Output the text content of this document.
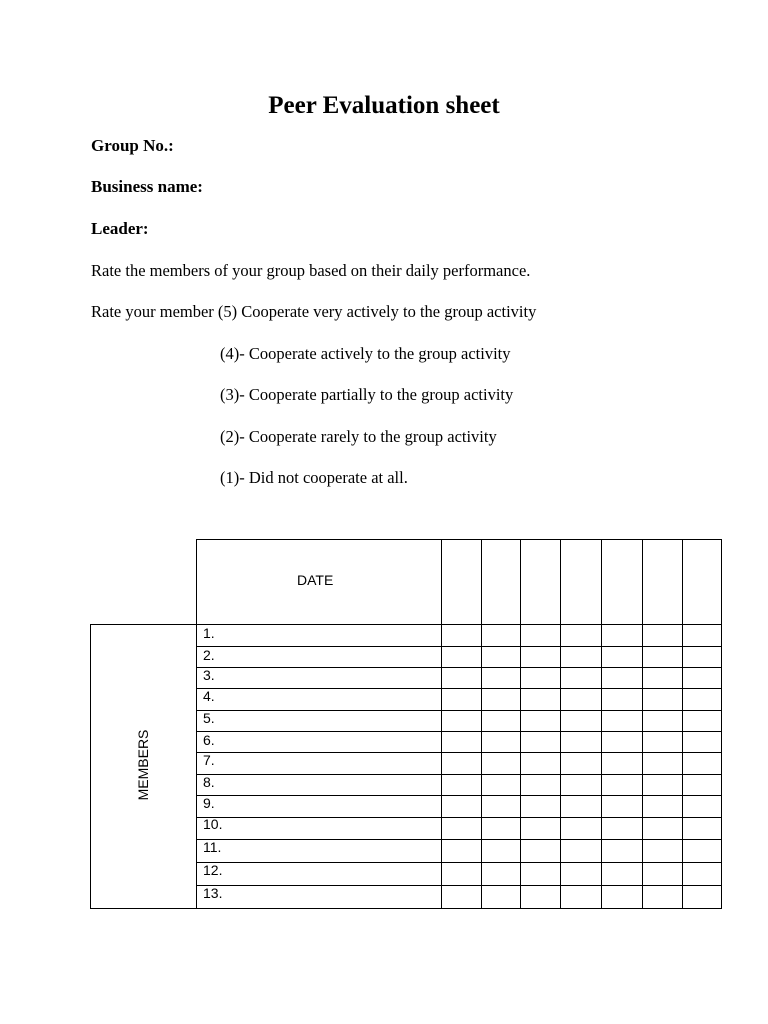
Peer Evaluation sheet
Group No.:
Business name:
Leader:
Rate the members of your group based on their daily performance.
Rate your member (5) Cooperate very actively to the group activity
(4)- Cooperate actively to the group activity
(3)- Cooperate partially to the group activity
(2)- Cooperate rarely to the group activity
(1)- Did not cooperate at all.
DATE
MEMBERS
1.
2.
3.
4.
5.
6.
7.
8.
9.
10.
11.
12.
13.
